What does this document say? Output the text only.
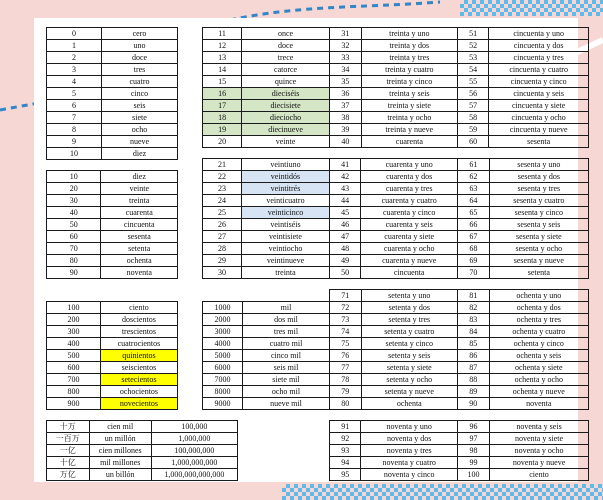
0	cero
1	uno
2	doce
3	tres
4	cuatro
5	cinco
6	seis
7	siete
8	ocho
9	nueve
10	diez
11	once
12	doce
13	trece
14	catorce
15	quince
16	dieciséis
17	diecisiete
18	dieciocho
19	diecinueve
20	veinte
31	treinta y uno
32	treinta y dos
33	treinta y tres
34	treinta y cuatro
35	treinta y cinco
36	treinta y seis
37	treinta y siete
38	treinta y ocho
39	treinta y nueve
40	cuarenta
51	cincuenta y uno
52	cincuenta y dos
53	cincuenta y tres
54	cincuenta y cuatro
55	cincuenta y cinco
56	cincuenta y seis
57	cincuenta y siete
58	cincuenta y ocho
59	cincuenta y nueve
60	sesenta
10	diez
20	veinte
30	treinta
40	cuarenta
50	cincuenta
60	sesenta
70	setenta
80	ochenta
90	noventa
21	veintiuno
22	veintidós
23	veintitrés
24	veinticuatro
25	veinticinco
26	veintiséis
27	veintisiete
28	veintiocho
29	veintinueve
30	treinta
41	cuarenta y uno
42	cuarenta y dos
43	cuarenta y tres
44	cuarenta y cuatro
45	cuarenta y cinco
46	cuarenta y seis
47	cuarenta y siete
48	cuarenta y ocho
49	cuarenta y nueve
50	cincuenta
61	sesenta y uno
62	sesenta y dos
63	sesenta y tres
64	sesenta y cuatro
65	sesenta y cinco
66	sesenta y seis
67	sesenta y siete
68	sesenta y ocho
69	sesenta y nueve
70	setenta
100	ciento
200	doscientos
300	trescientos
400	cuatrocientos
500	quinientos
600	seiscientos
700	setecientos
800	ochocientos
900	novecientos
1000	mil
2000	dos mil
3000	tres mil
4000	cuatro mil
5000	cinco mil
6000	seis mil
7000	siete mil
8000	ocho mil
9000	nueve mil
71	setenta y uno
72	setenta y dos
73	setenta y tres
74	setenta y cuatro
75	setenta y cinco
76	setenta y seis
77	setenta y siete
78	setenta y ocho
79	setenta y nueve
80	ochenta
81	ochenta y uno
82	ochenta y dos
83	ochenta y tres
84	ochenta y cuatro
85	ochenta y cinco
86	ochenta y seis
87	ochenta y siete
88	ochenta y ocho
89	ochenta y nueve
90	noventa
十万	cien mil	100,000
一百万	un millón	1,000,000
一亿	cien millones	100,000,000
十亿	mil millones	1,000,000,000
万亿	un billón	1,000,000,000,000
91	noventa y uno
92	noventa y dos
93	noventa y tres
94	noventa y cuatro
95	noventa y cinco
96	noventa y seis
97	noventa y siete
98	noventa y ocho
99	noventa y nueve
100	ciento
